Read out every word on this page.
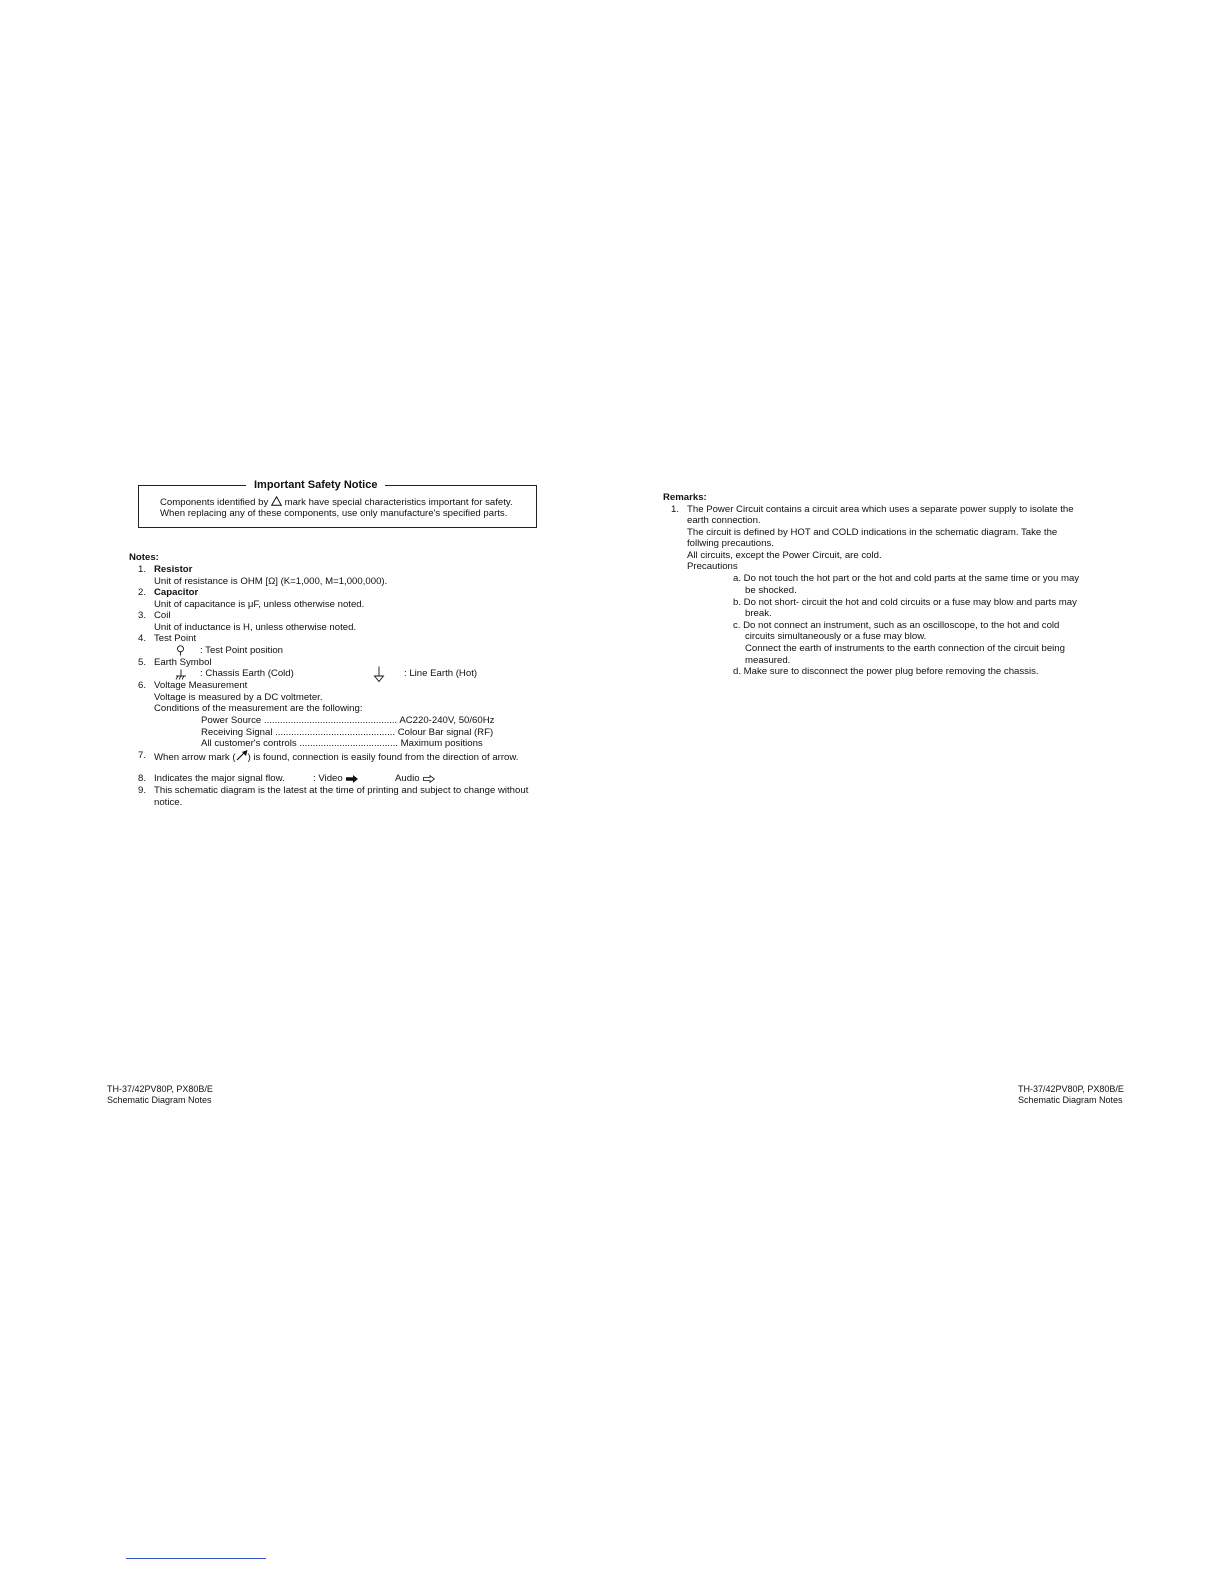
Important Safety Notice
Components identified by mark have special characteristics important for safety.
When replacing any of these components, use only manufacture's specified parts.
Notes:
1. Resistor
Unit of resistance is OHM [Ω] (K=1,000, M=1,000,000).
2. Capacitor
Unit of capacitance is μF, unless otherwise noted.
3. Coil
Unit of inductance is H, unless otherwise noted.
4. Test Point
: Test Point position
5. Earth Symbol
: Chassis Earth (Cold)	: Line Earth (Hot)
6. Voltage Measurement
Voltage is measured by a DC voltmeter.
Conditions of the measurement are the following:
Power Source .................................................. AC220-240V, 50/60Hz
Receiving Signal ............................................. Colour Bar signal (RF)
All customer's controls ..................................... Maximum positions
7. When arrow mark ( ) is found, connection is easily found from the direction of arrow.
8. Indicates the major signal flow.	: Video	Audio
9. This schematic diagram is the latest at the time of printing and subject to change without
notice.
Remarks:
1. The Power Circuit contains a circuit area which uses a separate power supply to isolate the
earth connection.
The circuit is defined by HOT and COLD indications in the schematic diagram. Take the
follwing precautions.
All circuits, except the Power Circuit, are cold.
Precautions
a. Do not touch the hot part or the hot and cold parts at the same time or you may
be shocked.
b. Do not short- circuit the hot and cold circuits or a fuse may blow and parts may
break.
c. Do not connect an instrument, such as an oscilloscope, to the hot and cold
circuits simultaneously or a fuse may blow.
Connect the earth of instruments to the earth connection of the circuit being
measured.
d. Make sure to disconnect the power plug before removing the chassis.
TH-37/42PV80P, PX80B/E
Schematic Diagram Notes
TH-37/42PV80P, PX80B/E
Schematic Diagram Notes
